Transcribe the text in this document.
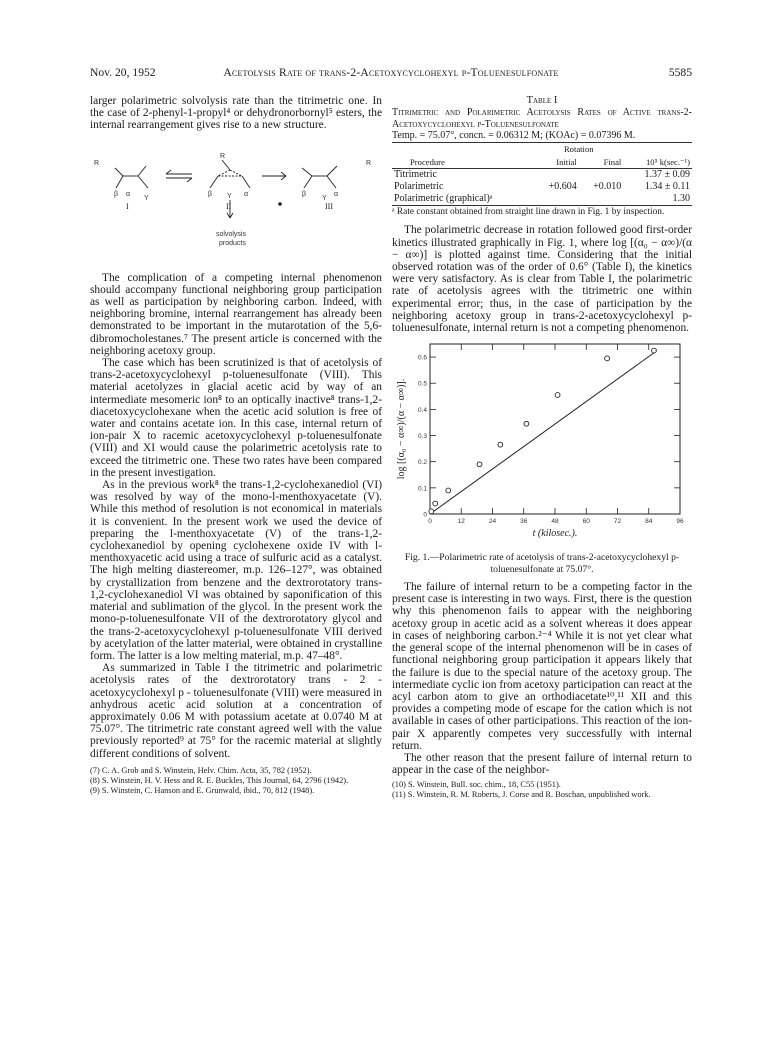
Nov. 20, 1952	Acetolysis Rate of trans-2-Acetoxycyclohexyl p-Toluenesulfonate	5585

larger polarimetric solvolysis rate than the titrimetric one. In the case of 2-phenyl-1-propyl⁴ or dehydronorbornyl⁵ esters, the internal rearrangement gives rise to a new structure.

R
Y
β α
R
Y
β	α
R
Y
β	α
solvolysis
products
I	II	III

The complication of a competing internal phenomenon should accompany functional neighboring group participation as well as participation by neighboring carbon. Indeed, with neighboring bromine, internal rearrangement has already been demonstrated to be important in the mutarotation of the 5,6-dibromocholestanes.⁷ The present article is concerned with the neighboring acetoxy group.

The case which has been scrutinized is that of acetolysis of trans-2-acetoxycyclohexyl p-toluenesulfonate (VIII). This material acetolyzes in glacial acetic acid by way of an intermediate mesomeric ion⁸ to an optically inactive⁸ trans-1,2-diacetoxycyclohexane when the acetic acid solution is free of water and contains acetate ion. In this case, internal return of ion-pair X to racemic acetoxycyclohexyl p-toluenesulfonate (VIII) and XI would cause the polarimetric acetolysis rate to exceed the titrimetric one. These two rates have been compared in the present investigation.

As in the previous work⁸ the trans-1,2-cyclohexanediol (VI) was resolved by way of the mono-l-menthoxyacetate (V). While this method of resolution is not economical in materials it is convenient. In the present work we used the device of preparing the l-menthoxyacetate (V) of the trans-1,2-cyclohexanediol by opening cyclohexene oxide IV with l-menthoxyacetic acid using a trace of sulfuric acid as a catalyst. The high melting diastereomer, m.p. 126–127°, was obtained by crystallization from benzene and the dextrorotatory trans-1,2-cyclohexanediol VI was obtained by saponification of this material and sublimation of the glycol. In the present work the mono-p-toluenesulfonate VII of the dextrorotatory glycol and the trans-2-acetoxycyclohexyl p-toluenesulfonate VIII derived by acetylation of the latter material, were obtained in crystalline form. The latter is a low melting material, m.p. 47–48°.

As summarized in Table I the titrimetric and polarimetric acetolysis rates of the dextrorotatory trans - 2 - acetoxycyclohexyl p - toluenesulfonate (VIII) were measured in anhydrous acetic acid solution at a concentration of approximately 0.06 M with potassium acetate at 0.0740 M at 75.07°. The titrimetric rate constant agreed well with the value previously reported⁹ at 75° for the racemic material at slightly different conditions of solvent.

(7) C. A. Grob and S. Winstein, Helv. Chim. Acta, 35, 782 (1952).

(8) S. Winstein, H. V. Hess and R. E. Buckles, This Journal, 64, 2796 (1942).

(9) S. Winstein, C. Hanson and E. Grunwald, ibid., 70, 812 (1948).

Table I
Titrimetric and Polarimetric Acetolysis Rates of Active trans-2-Acetoxycyclohexyl p-Toluenesulfonate
Temp. = 75.07°, concn. = 0.06312 M; (KOAc) = 0.07396 M.
	Rotation		
Procedure	Initial	Final	10⁵ k(sec.⁻¹)
Titrimetric			1.37 ± 0.09
Polarimetric	+0.604	+0.010	1.34 ± 0.11
Polarimetric (graphical)ᵃ			1.30
ᵃ Rate constant obtained from straight line drawn in Fig. 1 by inspection.

The polarimetric decrease in rotation followed good first-order kinetics illustrated graphically in Fig. 1, where log [(α₀ − α∞)/(α − α∞)] is plotted against time. Considering that the initial observed rotation was of the order of 0.6° (Table I), the kinetics were very satisfactory. As is clear from Table I, the polarimetric rate of acetolysis agrees with the titrimetric one within experimental error; thus, in the case of participation by the neighboring acetoxy group in trans-2-acetoxycyclohexyl p-toluenesulfonate, internal return is not a competing phenomenon.

0	12	24	36	48	60	72	84	96
0
0.1
0.2
0.3
0.4
0.5
0.6
t (kilosec.).
log [(α₀ − α∞)/(α − α∞)].
Fig. 1.—Polarimetric rate of acetolysis of trans-2-acetoxycyclohexyl p-toluenesulfonate at 75.07°.

The failure of internal return to be a competing factor in the present case is interesting in two ways. First, there is the question why this phenomenon fails to appear with the neighboring acetoxy group in acetic acid as a solvent whereas it does appear in cases of neighboring carbon.²⁻⁴ While it is not yet clear what the general scope of the internal phenomenon will be in cases of functional neighboring group participation it appears likely that the failure is due to the special nature of the acetoxy group. The intermediate cyclic ion from acetoxy participation can react at the acyl carbon atom to give an orthodiacetate¹⁰,¹¹ XII and this provides a competing mode of escape for the cation which is not available in cases of other participations. This reaction of the ion-pair X apparently competes very successfully with internal return.

The other reason that the present failure of internal return to appear in the case of the neighbor-

(10) S. Winstein, Bull. soc. chim., 18, C55 (1951).

(11) S. Winstein, R. M. Roberts, J. Corse and R. Boschan, unpublished work.
